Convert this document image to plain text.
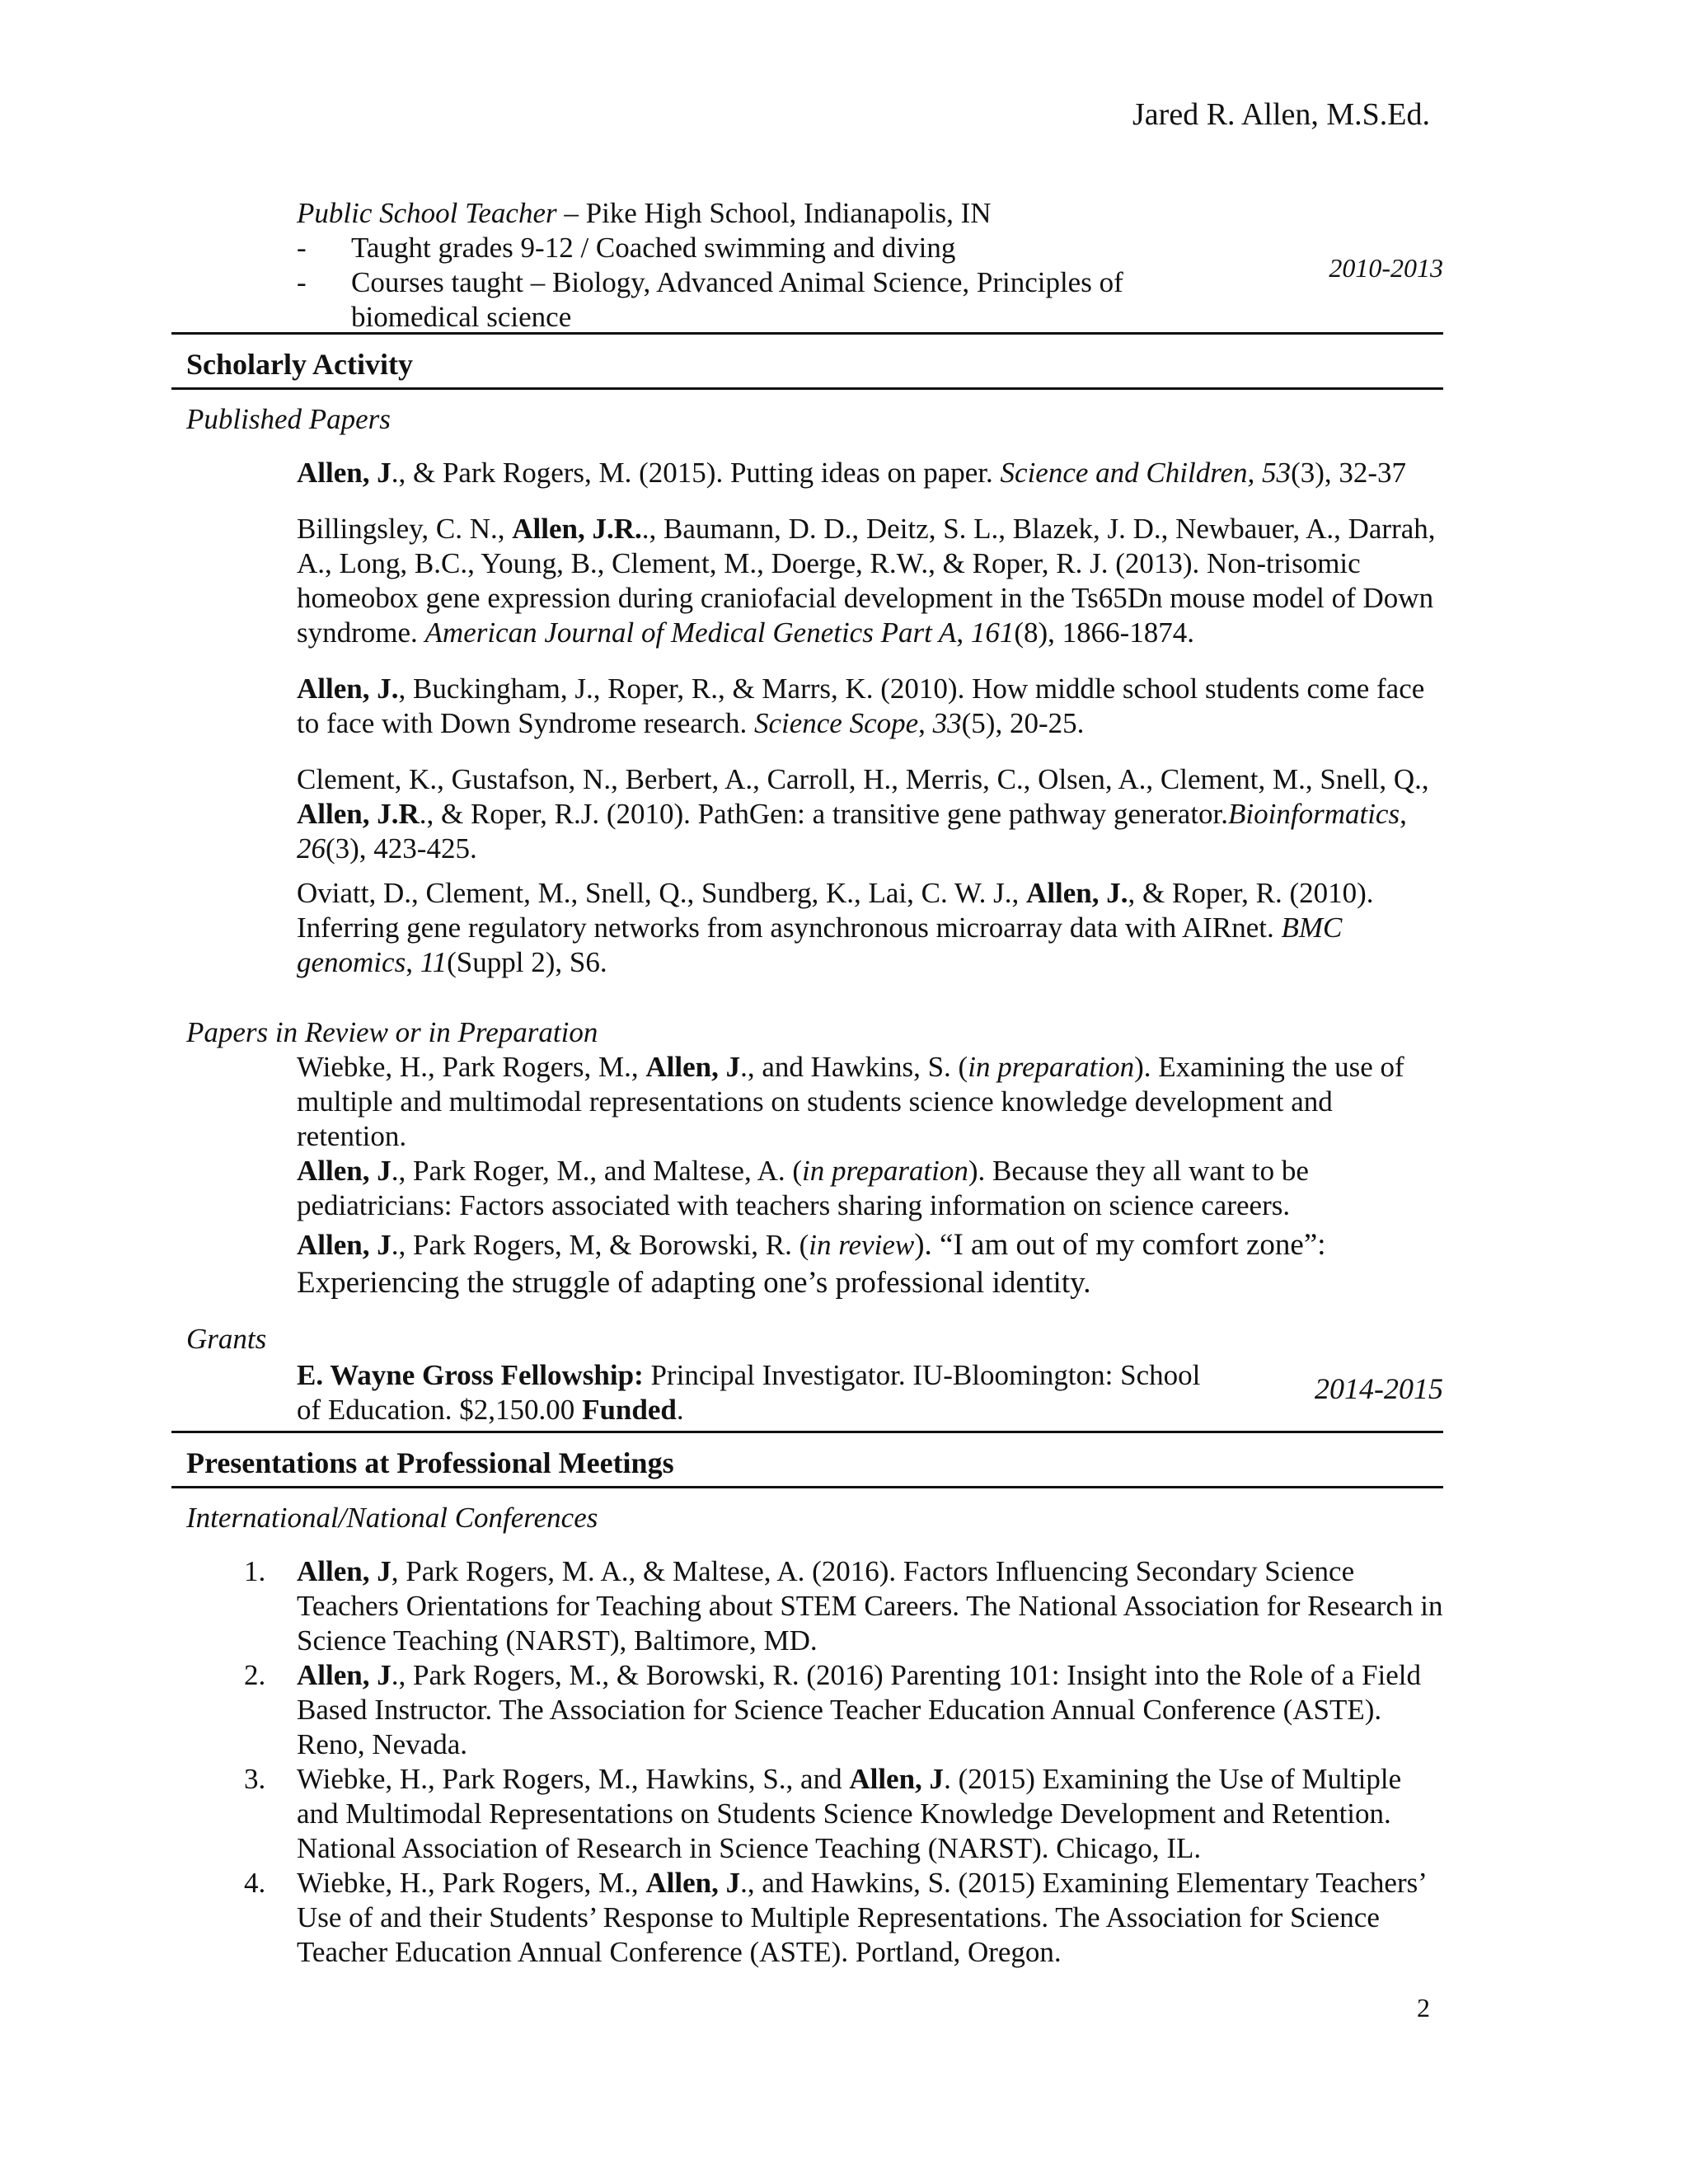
Jared R. Allen, M.S.Ed.
Public School Teacher – Pike High School, Indianapolis, IN
-	Taught grades 9-12 / Coached swimming and diving
-	Courses taught – Biology, Advanced Animal Science, Principles of biomedical science
2010-2013
Scholarly Activity
Published Papers

Allen, J., & Park Rogers, M. (2015). Putting ideas on paper. Science and Children, 53(3), 32-37

Billingsley, C. N., Allen, J.R.., Baumann, D. D., Deitz, S. L., Blazek, J. D., Newbauer, A., Darrah, A., Long, B.C., Young, B., Clement, M., Doerge, R.W., & Roper, R. J. (2013). Non-trisomic homeobox gene expression during craniofacial development in the Ts65Dn mouse model of Down syndrome. American Journal of Medical Genetics Part A, 161(8), 1866-1874.

Allen, J., Buckingham, J., Roper, R., & Marrs, K. (2010). How middle school students come face to face with Down Syndrome research. Science Scope, 33(5), 20-25.

Clement, K., Gustafson, N., Berbert, A., Carroll, H., Merris, C., Olsen, A., Clement, M., Snell, Q., Allen, J.R., & Roper, R.J. (2010). PathGen: a transitive gene pathway generator.Bioinformatics, 26(3), 423-425.

Oviatt, D., Clement, M., Snell, Q., Sundberg, K., Lai, C. W. J., Allen, J., & Roper, R. (2010). Inferring gene regulatory networks from asynchronous microarray data with AIRnet. BMC genomics, 11(Suppl 2), S6.

Papers in Review or in Preparation

Wiebke, H., Park Rogers, M., Allen, J., and Hawkins, S. (in preparation). Examining the use of multiple and multimodal representations on students science knowledge development and retention.

Allen, J., Park Roger, M., and Maltese, A. (in preparation). Because they all want to be pediatricians: Factors associated with teachers sharing information on science careers.

Allen, J., Park Rogers, M, & Borowski, R. (in review). “I am out of my comfort zone”: Experiencing the struggle of adapting one’s professional identity.

Grants
E. Wayne Gross Fellowship: Principal Investigator. IU-Bloomington: School of Education. $2,150.00 Funded.
2014-2015
Presentations at Professional Meetings
International/National Conferences
1.	Allen, J, Park Rogers, M. A., & Maltese, A. (2016). Factors Influencing Secondary Science Teachers Orientations for Teaching about STEM Careers. The National Association for Research in Science Teaching (NARST), Baltimore, MD.
2.	Allen, J., Park Rogers, M., & Borowski, R. (2016) Parenting 101: Insight into the Role of a Field Based Instructor. The Association for Science Teacher Education Annual Conference (ASTE). Reno, Nevada.
3.	Wiebke, H., Park Rogers, M., Hawkins, S., and Allen, J. (2015) Examining the Use of Multiple and Multimodal Representations on Students Science Knowledge Development and Retention. National Association of Research in Science Teaching (NARST). Chicago, IL.
4.	Wiebke, H., Park Rogers, M., Allen, J., and Hawkins, S. (2015) Examining Elementary Teachers’ Use of and their Students’ Response to Multiple Representations. The Association for Science Teacher Education Annual Conference (ASTE). Portland, Oregon.
2
